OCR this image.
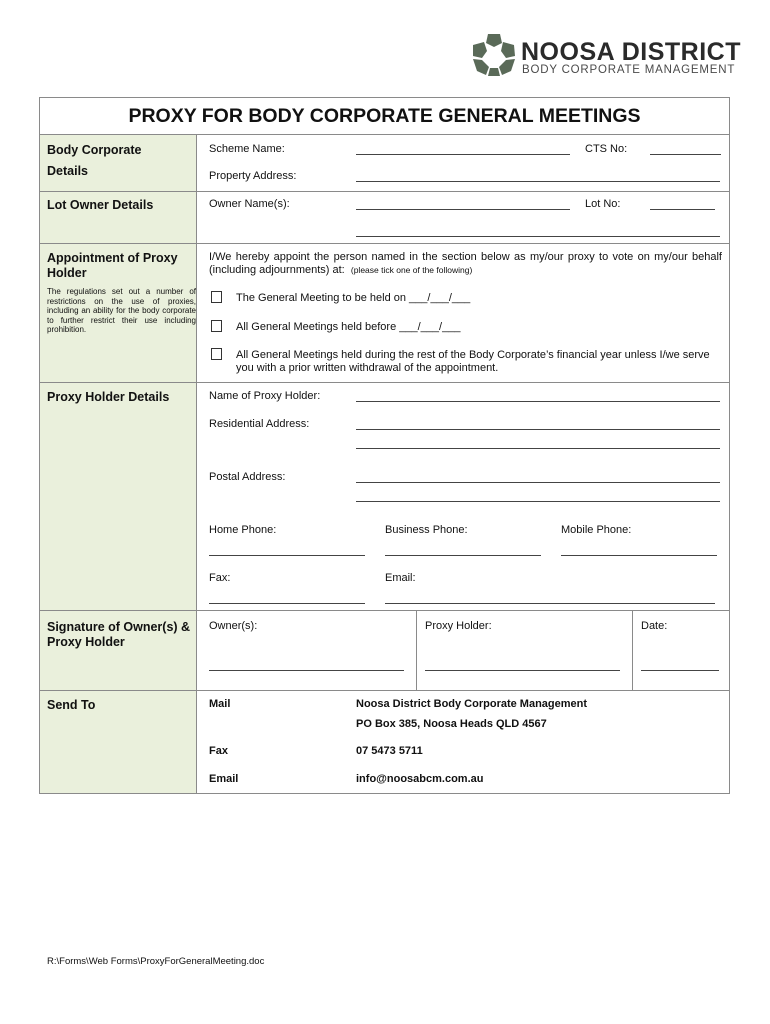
NOOSA DISTRICT
BODY CORPORATE MANAGEMENT
PROXY FOR BODY CORPORATE GENERAL MEETINGS
Body Corporate
Details
Scheme Name:	CTS No:
Property Address:
Lot Owner Details	Owner Name(s):	Lot No:
Appointment of Proxy Holder
The regulations set out a number of restrictions on the use of proxies, including an ability for the body corporate to further restrict their use including prohibition.
I/We hereby appoint the person named in the section below as my/our proxy to vote on my/our behalf (including adjournments) at: (please tick one of the following)
The General Meeting to be held on ___/___/___
All General Meetings held before ___/___/___
All General Meetings held during the rest of the Body Corporate’s financial year unless I/we serve you with a prior written withdrawal of the appointment.
Proxy Holder Details	Name of Proxy Holder:
Residential Address:
Postal Address:
Home Phone:	Business Phone:	Mobile Phone:
Fax:	Email:
Signature of Owner(s) & Proxy Holder
Owner(s):	Proxy Holder:	Date:
Send To	Mail	Noosa District Body Corporate Management
PO Box 385, Noosa Heads QLD 4567
Fax	07 5473 5711
Email	info@noosabcm.com.au
R:\Forms\Web Forms\ProxyForGeneralMeeting.doc
